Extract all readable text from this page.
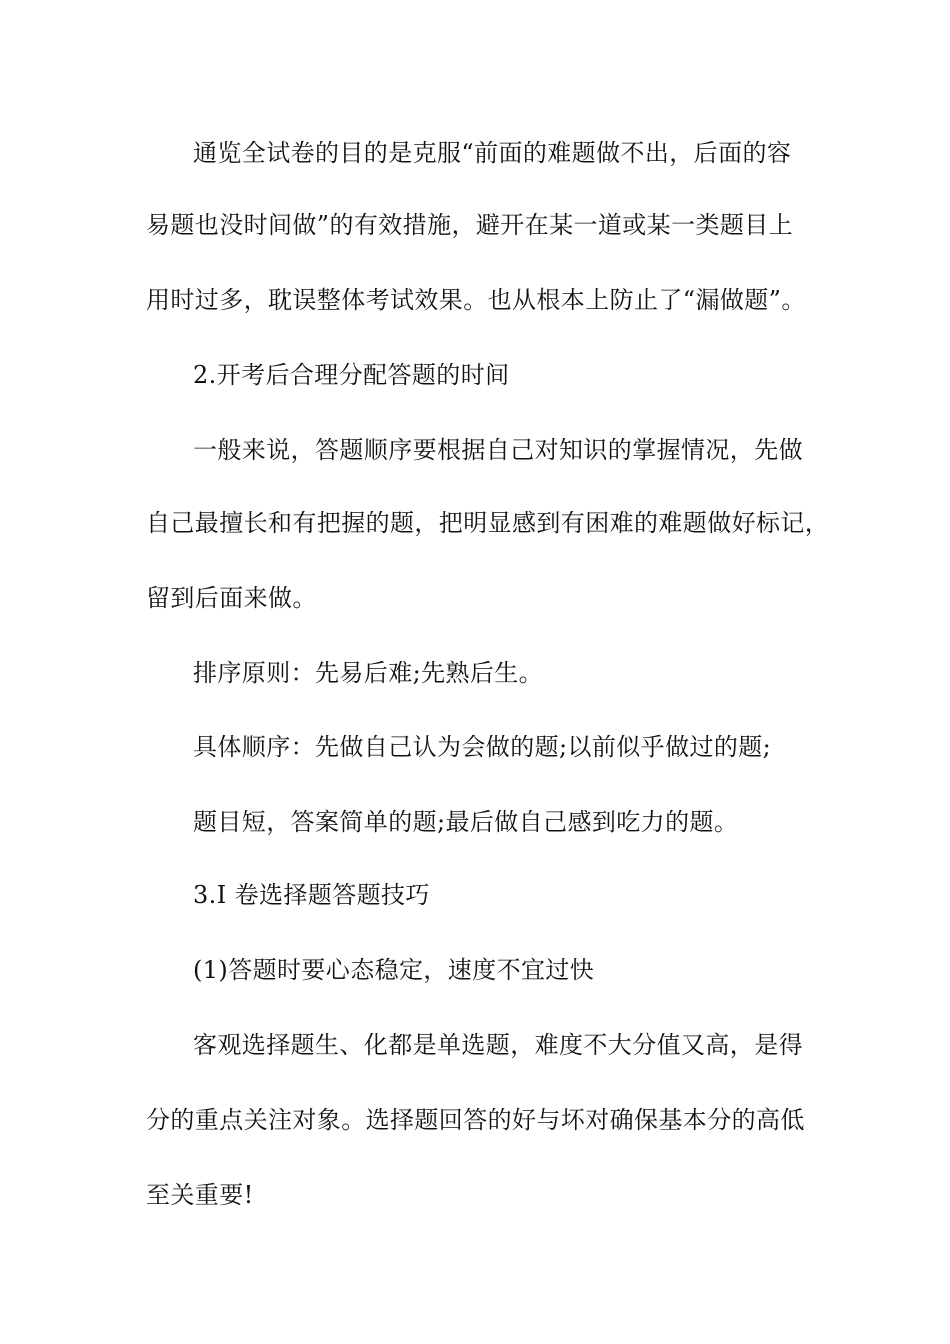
通览全试卷的目的是克服“前面的难题做不出，后面的容
易题也没时间做”的有效措施，避开在某一道或某一类题目上
用时过多，耽误整体考试效果。也从根本上防止了“漏做题”。
2.开考后合理分配答题的时间
一般来说，答题顺序要根据自己对知识的掌握情况，先做
自己最擅长和有把握的题，把明显感到有困难的难题做好标记，
留到后面来做。
排序原则：先易后难;先熟后生。
具体顺序：先做自己认为会做的题;以前似乎做过的题;
题目短，答案简单的题;最后做自己感到吃力的题。
3.Ⅰ 卷选择题答题技巧
(1)答题时要心态稳定，速度不宜过快
客观选择题生、化都是单选题，难度不大分值又高，是得
分的重点关注对象。选择题回答的好与坏对确保基本分的高低
至关重要!
